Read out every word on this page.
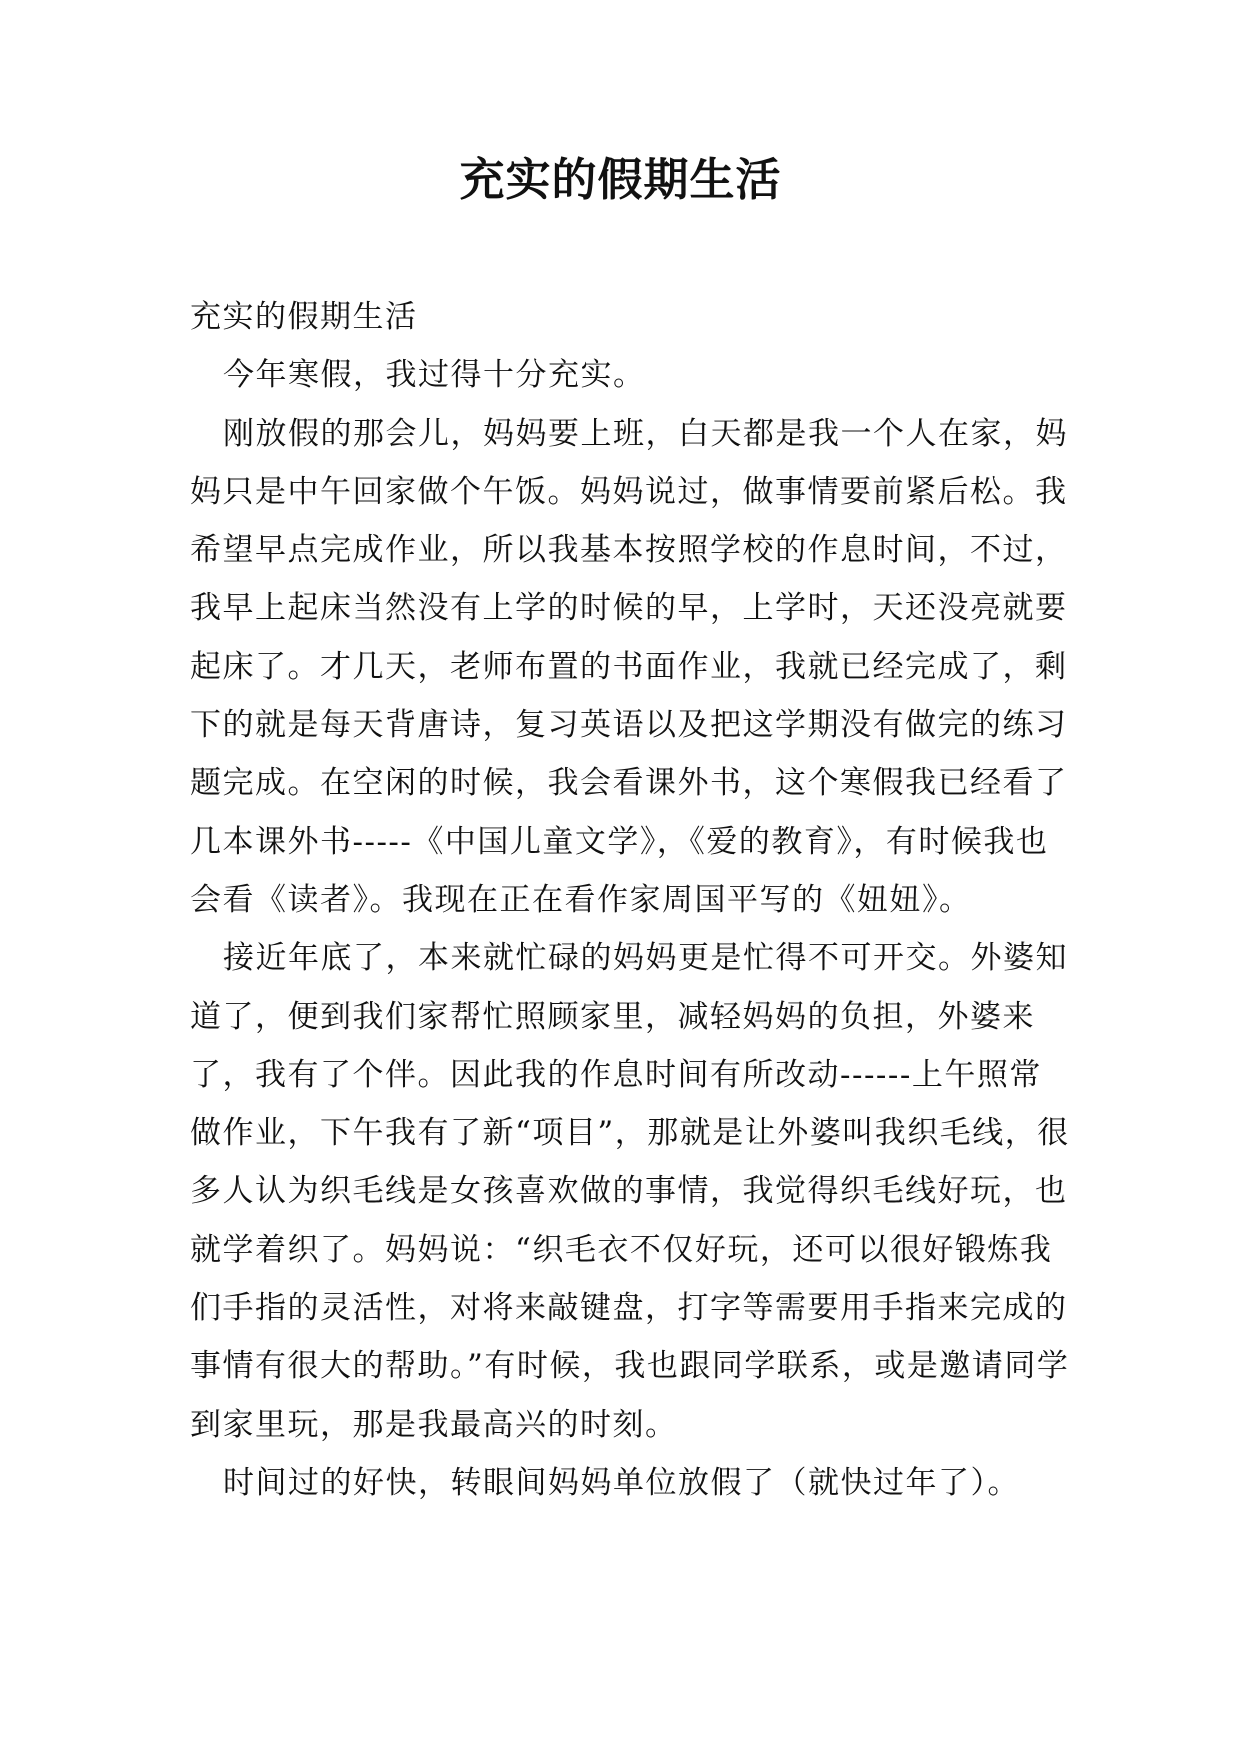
充实的假期生活

充实的假期生活

今年寒假，我过得十分充实。

刚放假的那会儿，妈妈要上班，白天都是我一个人在家，妈妈只是中午回家做个午饭。妈妈说过，做事情要前紧后松。我希望早点完成作业，所以我基本按照学校的作息时间，不过，我早上起床当然没有上学的时候的早，上学时，天还没亮就要起床了。才几天，老师布置的书面作业，我就已经完成了，剩下的就是每天背唐诗，复习英语以及把这学期没有做完的练习题完成。在空闲的时候，我会看课外书，这个寒假我已经看了几本课外书-----《中国儿童文学》，《爱的教育》，有时候我也会看《读者》。我现在正在看作家周国平写的《妞妞》。

接近年底了，本来就忙碌的妈妈更是忙得不可开交。外婆知道了，便到我们家帮忙照顾家里，减轻妈妈的负担，外婆来了，我有了个伴。因此我的作息时间有所改动------上午照常做作业，下午我有了新“项目”，那就是让外婆叫我织毛线，很多人认为织毛线是女孩喜欢做的事情，我觉得织毛线好玩，也就学着织了。妈妈说：“织毛衣不仅好玩，还可以很好锻炼我们手指的灵活性，对将来敲键盘，打字等需要用手指来完成的事情有很大的帮助。”有时候，我也跟同学联系，或是邀请同学到家里玩，那是我最高兴的时刻。

时间过的好快，转眼间妈妈单位放假了（就快过年了）。
